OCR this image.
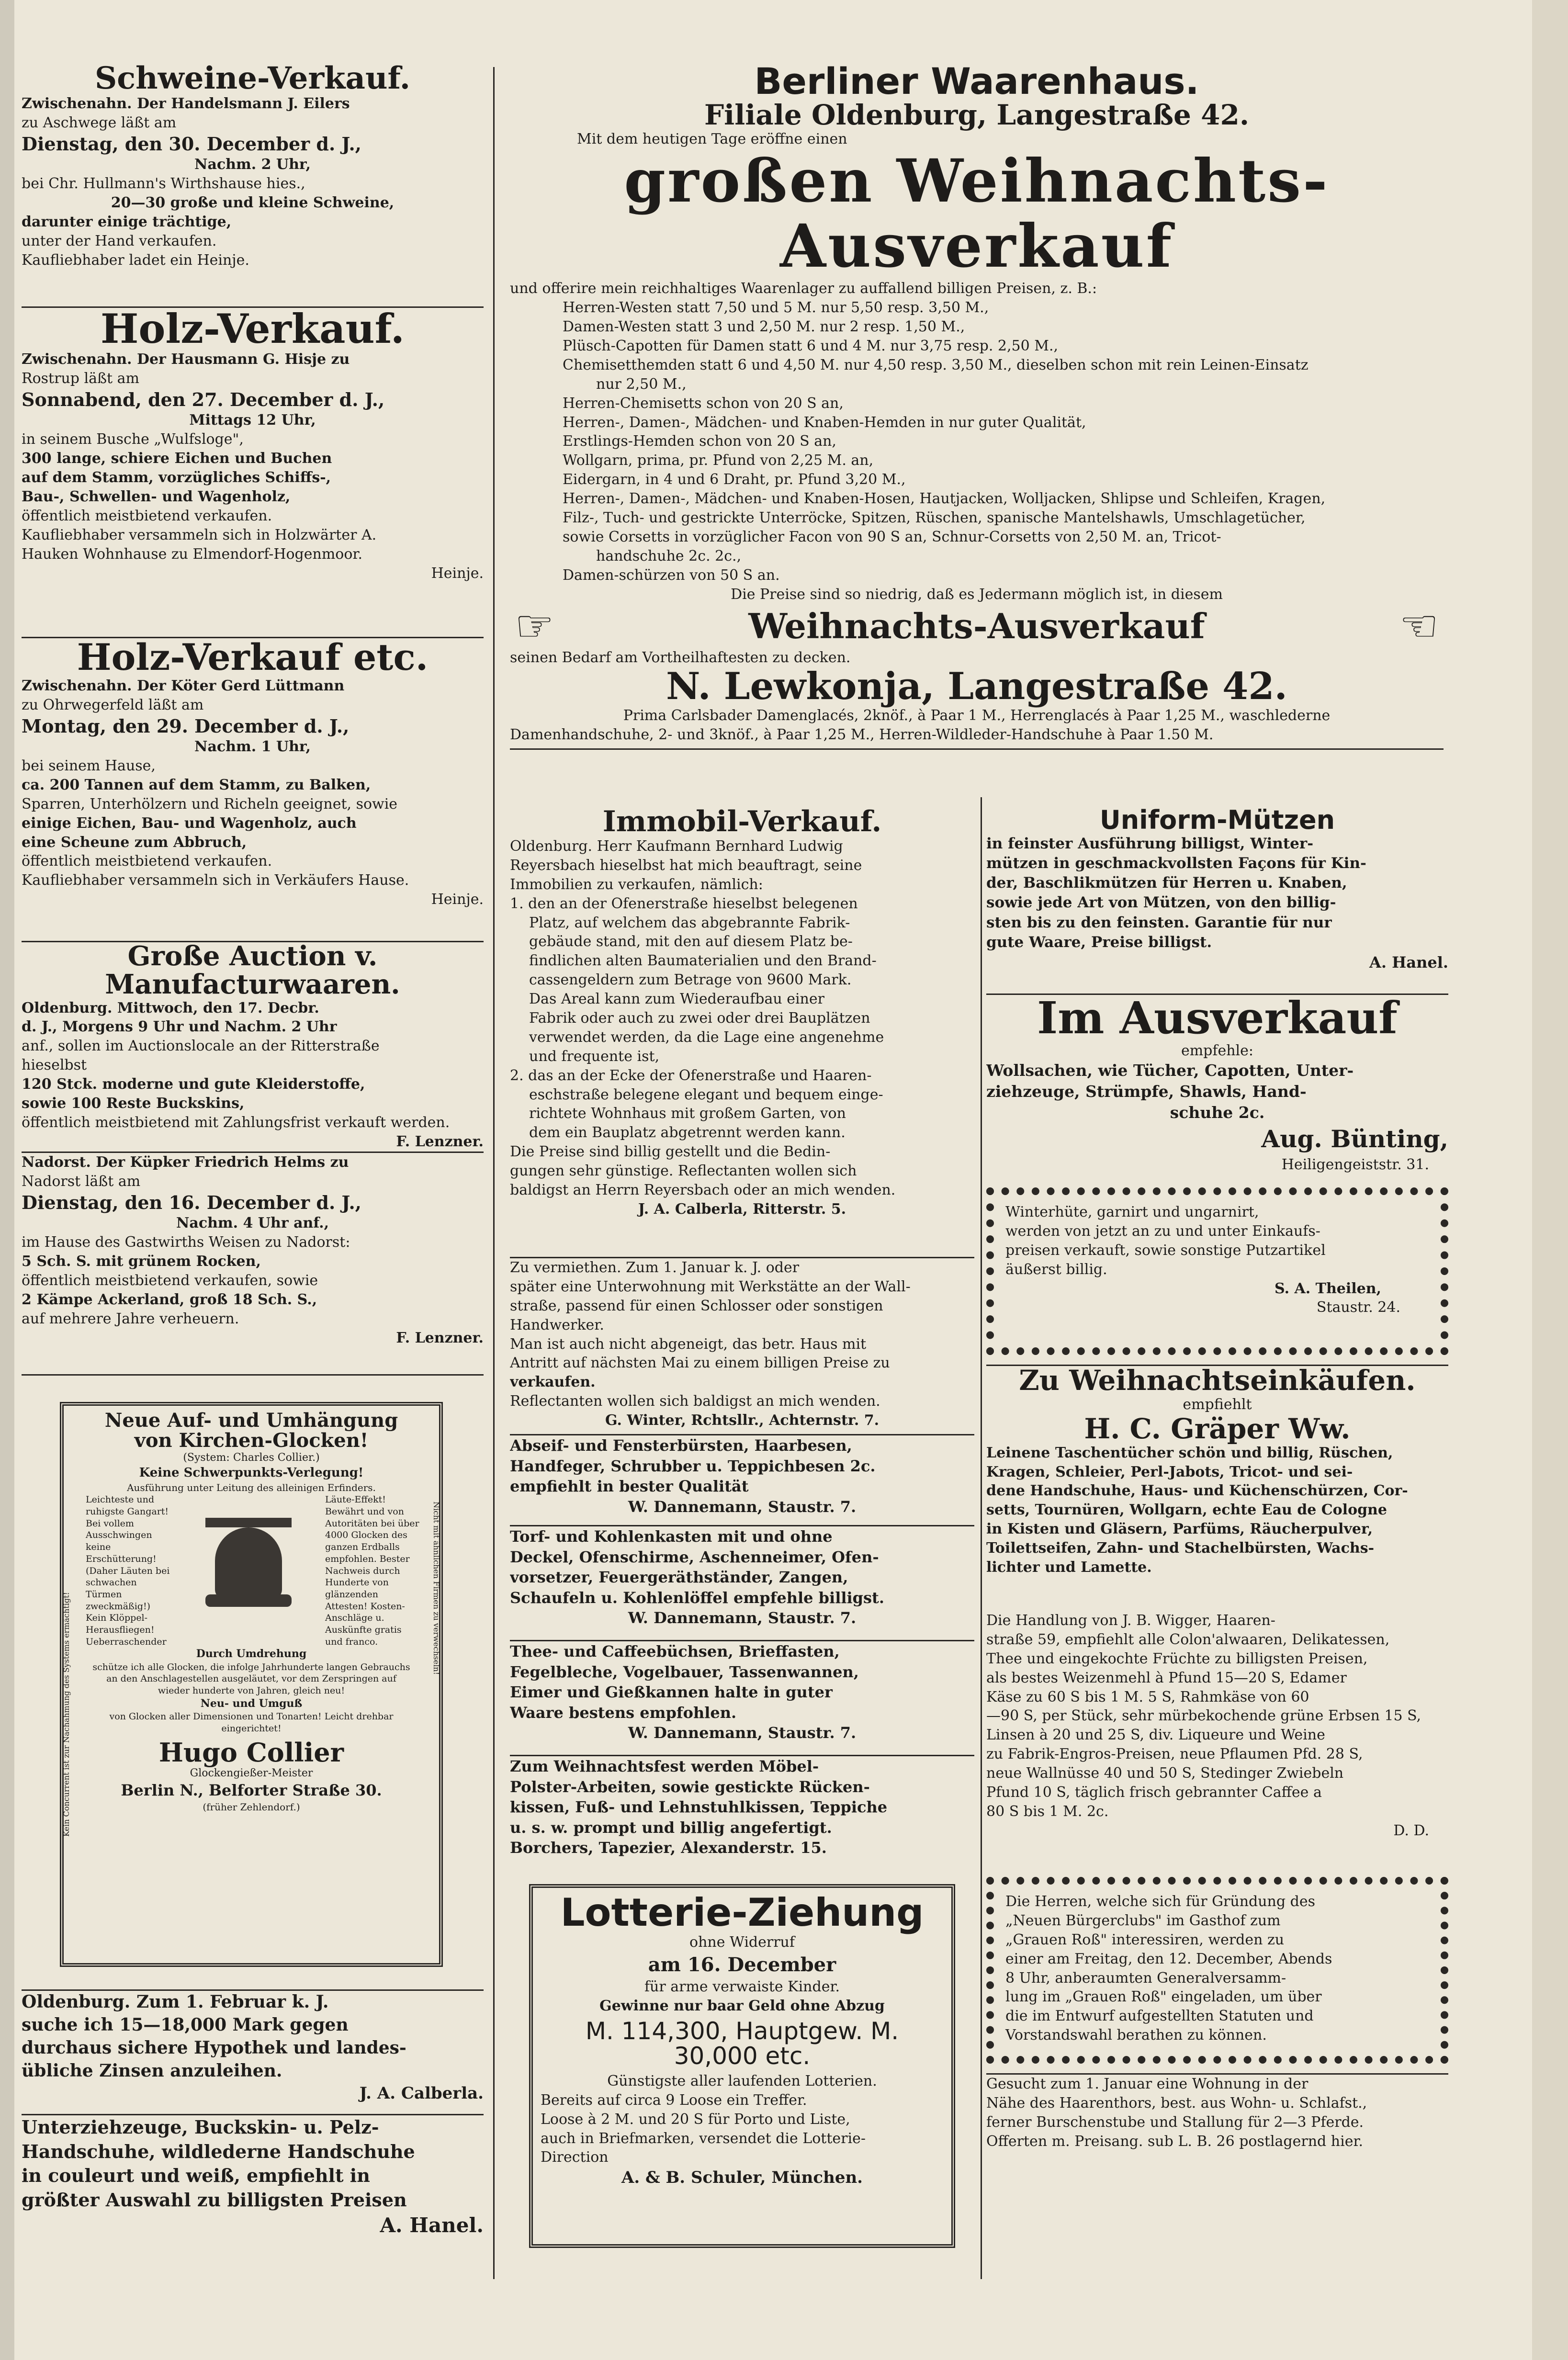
Schweine-Verkauf.

Zwischenahn. Der Handelsmann J. Eilers

zu Aschwege läßt am

Dienstag, den 30. December d. J.,

Nachm. 2 Uhr,

bei Chr. Hullmann's Wirthshause hies.,

20—30 große und kleine Schweine,

darunter einige trächtige,

unter der Hand verkaufen.

Kaufliebhaber ladet ein Heinje.

Holz-Verkauf.

Zwischenahn. Der Hausmann G. Hisje zu

Rostrup läßt am

Sonnabend, den 27. December d. J.,

Mittags 12 Uhr,

in seinem Busche „Wulfsloge",

300 lange, schiere Eichen und Buchen

auf dem Stamm, vorzügliches Schiffs-,

Bau-, Schwellen- und Wagenholz,

öffentlich meistbietend verkaufen.

Kaufliebhaber versammeln sich in Holzwärter A.

Hauken Wohnhause zu Elmendorf-Hogenmoor.

Heinje.

Holz-Verkauf etc.

Zwischenahn. Der Köter Gerd Lüttmann

zu Ohrwegerfeld läßt am

Montag, den 29. December d. J.,

Nachm. 1 Uhr,

bei seinem Hause,

ca. 200 Tannen auf dem Stamm, zu Balken,

Sparren, Unterhölzern und Richeln geeignet, sowie

einige Eichen, Bau- und Wagenholz, auch

eine Scheune zum Abbruch,

öffentlich meistbietend verkaufen.

Kaufliebhaber versammeln sich in Verkäufers Hause.

Heinje.

Große Auction v. Manufacturwaaren.

Oldenburg. Mittwoch, den 17. Decbr.

d. J., Morgens 9 Uhr und Nachm. 2 Uhr

anf., sollen im Auctionslocale an der Ritterstraße

hieselbst

120 Stck. moderne und gute Kleiderstoffe,

sowie 100 Reste Buckskins,

öffentlich meistbietend mit Zahlungsfrist verkauft werden.

F. Lenzner.

Nadorst. Der Küpker Friedrich Helms zu

Nadorst läßt am

Dienstag, den 16. December d. J.,

Nachm. 4 Uhr anf.,

im Hause des Gastwirths Weisen zu Nadorst:

5 Sch. S. mit grünem Rocken,

öffentlich meistbietend verkaufen, sowie

2 Kämpe Ackerland, groß 18 Sch. S.,

auf mehrere Jahre verheuern.

F. Lenzner.

Neue Auf- und Umhängung

von Kirchen-Glocken!

(System: Charles Collier.)

Keine Schwerpunkts-Verlegung!

Ausführung unter Leitung des alleinigen Erfinders.

Leichteste und ruhigste Gangart! Bei vollem Ausschwingen keine Erschütterung! (Daher Läuten bei schwachen Türmen zweckmäßig!) Kein Klöppel-Herausfliegen! Ueberraschender

Läute-Effekt! Bewährt und von Autoritäten bei über 4000 Glocken des ganzen Erdballs empfohlen. Bester Nachweis durch Hunderte von glänzenden Attesten! Kosten-Anschläge u. Auskünfte gratis und franco.

Durch Umdrehung

schütze ich alle Glocken, die infolge Jahrhunderte langen Gebrauchs an den Anschlagestellen ausgeläutet, vor dem Zerspringen auf wieder hunderte von Jahren, gleich neu!

Neu- und Umguß

von Glocken aller Dimensionen und Tonarten! Leicht drehbar eingerichtet!

Hugo Collier

Glockengießer-Meister

Berlin N., Belforter Straße 30.

(früher Zehlendorf.)

Kein Concurrent ist zur Nachahmung des Systems ermächtigt!

Nicht mit ähnlichen Firmen zu verwechseln!

Oldenburg. Zum 1. Februar k. J.

suche ich 15—18,000 Mark gegen

durchaus sichere Hypothek und landes-

übliche Zinsen anzuleihen.

J. A. Calberla.

Unterziehzeuge, Buckskin- u. Pelz-

Handschuhe, wildlederne Handschuhe

in couleurt und weiß, empfiehlt in

größter Auswahl zu billigsten Preisen

A. Hanel.

Berliner Waarenhaus.

Filiale Oldenburg, Langestraße 42.

Mit dem heutigen Tage eröffne einen

großen Weihnachts-Ausverkauf

und offerire mein reichhaltiges Waarenlager zu auffallend billigen Preisen, z. B.:

Herren-Westen statt 7,50 und 5 M. nur 5,50 resp. 3,50 M.,

Damen-Westen statt 3 und 2,50 M. nur 2 resp. 1,50 M.,

Plüsch-Capotten für Damen statt 6 und 4 M. nur 3,75 resp. 2,50 M.,

Chemisetthemden statt 6 und 4,50 M. nur 4,50 resp. 3,50 M., dieselben schon mit rein Leinen-Einsatz

nur 2,50 M.,

Herren-Chemisetts schon von 20 S an,

Herren-, Damen-, Mädchen- und Knaben-Hemden in nur guter Qualität,

Erstlings-Hemden schon von 20 S an,

Wollgarn, prima, pr. Pfund von 2,25 M. an,

Eidergarn, in 4 und 6 Draht, pr. Pfund 3,20 M.,

Herren-, Damen-, Mädchen- und Knaben-Hosen, Hautjacken, Wolljacken, Shlipse und Schleifen, Kragen,

Filz-, Tuch- und gestrickte Unterröcke, Spitzen, Rüschen, spanische Mantelshawls, Umschlagetücher,

sowie Corsetts in vorzüglicher Facon von 90 S an, Schnur-Corsetts von 2,50 M. an, Tricot-

handschuhe 2c. 2c.,

Damen-schürzen von 50 S an.

Die Preise sind so niedrig, daß es Jedermann möglich ist, in diesem

☞	Weihnachts-Ausverkauf	☜

seinen Bedarf am Vortheilhaftesten zu decken.

N. Lewkonja, Langestraße 42.

Prima Carlsbader Damenglacés, 2knöf., à Paar 1 M., Herrenglacés à Paar 1,25 M., waschlederne

Damenhandschuhe, 2- und 3knöf., à Paar 1,25 M., Herren-Wildleder-Handschuhe à Paar 1.50 M.

Immobil-Verkauf.

Oldenburg. Herr Kaufmann Bernhard Ludwig

Reyersbach hieselbst hat mich beauftragt, seine

Immobilien zu verkaufen, nämlich:

1. den an der Ofenerstraße hieselbst belegenen

Platz, auf welchem das abgebrannte Fabrik-

gebäude stand, mit den auf diesem Platz be-

findlichen alten Baumaterialien und den Brand-

cassengeldern zum Betrage von 9600 Mark.

Das Areal kann zum Wiederaufbau einer

Fabrik oder auch zu zwei oder drei Bauplätzen

verwendet werden, da die Lage eine angenehme

und frequente ist,

2. das an der Ecke der Ofenerstraße und Haaren-

eschstraße belegene elegant und bequem einge-

richtete Wohnhaus mit großem Garten, von

dem ein Bauplatz abgetrennt werden kann.

Die Preise sind billig gestellt und die Bedin-

gungen sehr günstige. Reflectanten wollen sich

baldigst an Herrn Reyersbach oder an mich wenden.

J. A. Calberla, Ritterstr. 5.

Zu vermiethen. Zum 1. Januar k. J. oder

später eine Unterwohnung mit Werkstätte an der Wall-

straße, passend für einen Schlosser oder sonstigen

Handwerker.

Man ist auch nicht abgeneigt, das betr. Haus mit

Antritt auf nächsten Mai zu einem billigen Preise zu

verkaufen.

Reflectanten wollen sich baldigst an mich wenden.

G. Winter, Rchtsllr., Achternstr. 7.

Abseif- und Fensterbürsten, Haarbesen,

Handfeger, Schrubber u. Teppichbesen 2c.

empfiehlt in bester Qualität

W. Dannemann, Staustr. 7.

Torf- und Kohlenkasten mit und ohne

Deckel, Ofenschirme, Aschenneimer, Ofen-

vorsetzer, Feuergeräthständer, Zangen,

Schaufeln u. Kohlenlöffel empfehle billigst.

W. Dannemann, Staustr. 7.

Thee- und Caffeebüchsen, Brieffasten,

Fegelbleche, Vogelbauer, Tassenwannen,

Eimer und Gießkannen halte in guter

Waare bestens empfohlen.

W. Dannemann, Staustr. 7.

Zum Weihnachtsfest werden Möbel-

Polster-Arbeiten, sowie gestickte Rücken-

kissen, Fuß- und Lehnstuhlkissen, Teppiche

u. s. w. prompt und billig angefertigt.

Borchers, Tapezier, Alexanderstr. 15.

Lotterie-Ziehung

ohne Widerruf

am 16. December

für arme verwaiste Kinder.

Gewinne nur baar Geld ohne Abzug

M. 114,300, Hauptgew. M. 30,000 etc.

Günstigste aller laufenden Lotterien.

Bereits auf circa 9 Loose ein Treffer.

Loose à 2 M. und 20 S für Porto und Liste,

auch in Briefmarken, versendet die Lotterie-

Direction

A. & B. Schuler, München.

Uniform-Mützen

in feinster Ausführung billigst, Winter-

mützen in geschmackvollsten Façons für Kin-

der, Baschlikmützen für Herren u. Knaben,

sowie jede Art von Mützen, von den billig-

sten bis zu den feinsten. Garantie für nur

gute Waare, Preise billigst.

A. Hanel.

Im Ausverkauf

empfehle:

Wollsachen, wie Tücher, Capotten, Unter-

ziehzeuge, Strümpfe, Shawls, Hand-

schuhe 2c.

Aug. Bünting,

Heiligengeiststr. 31.

Winterhüte, garnirt und ungarnirt,

werden von jetzt an zu und unter Einkaufs-

preisen verkauft, sowie sonstige Putzartikel

äußerst billig.

S. A. Theilen,

Staustr. 24.

Zu Weihnachtseinkäufen.

empfiehlt

H. C. Gräper Ww.

Leinene Taschentücher schön und billig, Rüschen,

Kragen, Schleier, Perl-Jabots, Tricot- und sei-

dene Handschuhe, Haus- und Küchenschürzen, Cor-

setts, Tournüren, Wollgarn, echte Eau de Cologne

in Kisten und Gläsern, Parfüms, Räucherpulver,

Toilettseifen, Zahn- und Stachelbürsten, Wachs-

lichter und Lamette.

Die Handlung von J. B. Wigger, Haaren-

straße 59, empfiehlt alle Colon'alwaaren, Delikatessen,

Thee und eingekochte Früchte zu billigsten Preisen,

als bestes Weizenmehl à Pfund 15—20 S, Edamer

Käse zu 60 S bis 1 M. 5 S, Rahmkäse von 60

—90 S, per Stück, sehr mürbekochende grüne Erbsen 15 S,

Linsen à 20 und 25 S, div. Liqueure und Weine

zu Fabrik-Engros-Preisen, neue Pflaumen Pfd. 28 S,

neue Wallnüsse 40 und 50 S, Stedinger Zwiebeln

Pfund 10 S, täglich frisch gebrannter Caffee a

80 S bis 1 M. 2c.

D. D.

Die Herren, welche sich für Gründung des

„Neuen Bürgerclubs" im Gasthof zum

„Grauen Roß" interessiren, werden zu

einer am Freitag, den 12. December, Abends

8 Uhr, anberaumten Generalversamm-

lung im „Grauen Roß" eingeladen, um über

die im Entwurf aufgestellten Statuten und

Vorstandswahl berathen zu können.

Gesucht zum 1. Januar eine Wohnung in der

Nähe des Haarenthors, best. aus Wohn- u. Schlafst.,

ferner Burschenstube und Stallung für 2—3 Pferde.

Offerten m. Preisang. sub L. B. 26 postlagernd hier.
